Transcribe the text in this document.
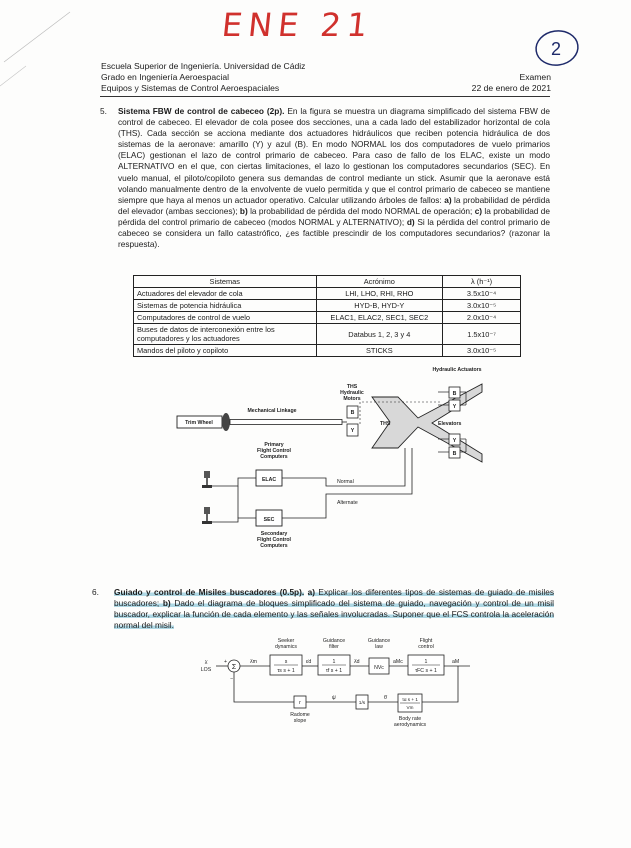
ENE 21
2
Escuela Superior de Ingeniería. Universidad de Cádiz
Grado en Ingeniería Aeroespacial
Equipos y Sistemas de Control Aeroespaciales
Examen
22 de enero de 2021
5.	Sistema FBW de control de cabeceo (2p). En la figura se muestra un diagrama simplificado del sistema FBW de control de cabeceo. El elevador de cola posee dos secciones, una a cada lado del estabilizador horizontal de cola (THS). Cada sección se acciona mediante dos actuadores hidráulicos que reciben potencia hidráulica de dos sistemas de la aeronave: amarillo (Y) y azul (B). En modo NORMAL los dos computadores de vuelo primarios (ELAC) gestionan el lazo de control primario de cabeceo. Para caso de fallo de los ELAC, existe un modo ALTERNATIVO en el que, con ciertas limitaciones, el lazo lo gestionan los computadores secundarios (SEC). En vuelo manual, el piloto/copiloto genera sus demandas de control mediante un stick. Asumir que la aeronave está volando manualmente dentro de la envolvente de vuelo permitida y que el control primario de cabeceo se mantiene siempre que haya al menos un actuador operativo. Calcular utilizando árboles de fallos: a) la probabilidad de pérdida del elevador (ambas secciones); b) la probabilidad de pérdida del modo NORMAL de operación; c) la probabilidad de pérdida del control primario de cabeceo (modos NORMAL y ALTERNATIVO); d) Si la pérdida del control primario de cabeceo se considera un fallo catastrófico, ¿es factible prescindir de los computadores secundarios? (razonar la respuesta).
Sistemas	Acrónimo	λ (h⁻¹)
Actuadores del elevador de cola	LHI, LHO, RHI, RHO	3.5x10⁻⁴
Sistemas de potencia hidráulica	HYD-B, HYD-Y	3.0x10⁻⁵
Computadores de control de vuelo	ELAC1, ELAC2, SEC1, SEC2	2.0x10⁻⁴
Buses de datos de interconexión entre los computadores y los actuadores	Databus 1, 2, 3 y 4	1.5x10⁻⁷
Mandos del piloto y copiloto	STICKS	3.0x10⁻⁵
Trim Wheel
Mechanical Linkage
THS
Hydraulic
Motors
B
Y
THS	Elevators
Hydraulic Actuators
B
Y
Y
B
Primary
Flight Control
Computers
ELAC
SEC
Secondary
Flight Control
Computers
Normal
Alternate
6.	Guiado y control de Misiles buscadores (0.5p). a) Explicar los diferentes tipos de sistemas de guiado de misiles buscadores; b) Dado el diagrama de bloques simplificado del sistema de guiado, navegación y control de un misil buscador, explicar la función de cada elemento y las señales involucradas. Suponer que el FCS controla la aceleración normal del misil.
Seeker
dynamics
Guidance
filter
Guidance
law
Flight
control
λ̇
LOS	Σ
+
−
s
τs s + 1
1
τf s + 1	NVc
1
τFC s + 1
λ̇m	ε̇d	λ̇d	aMc	aM
τα s + 1
Vm
Body rate
aerodynamics
θ̇
1/s
ψ̇
r
Radome
slope
